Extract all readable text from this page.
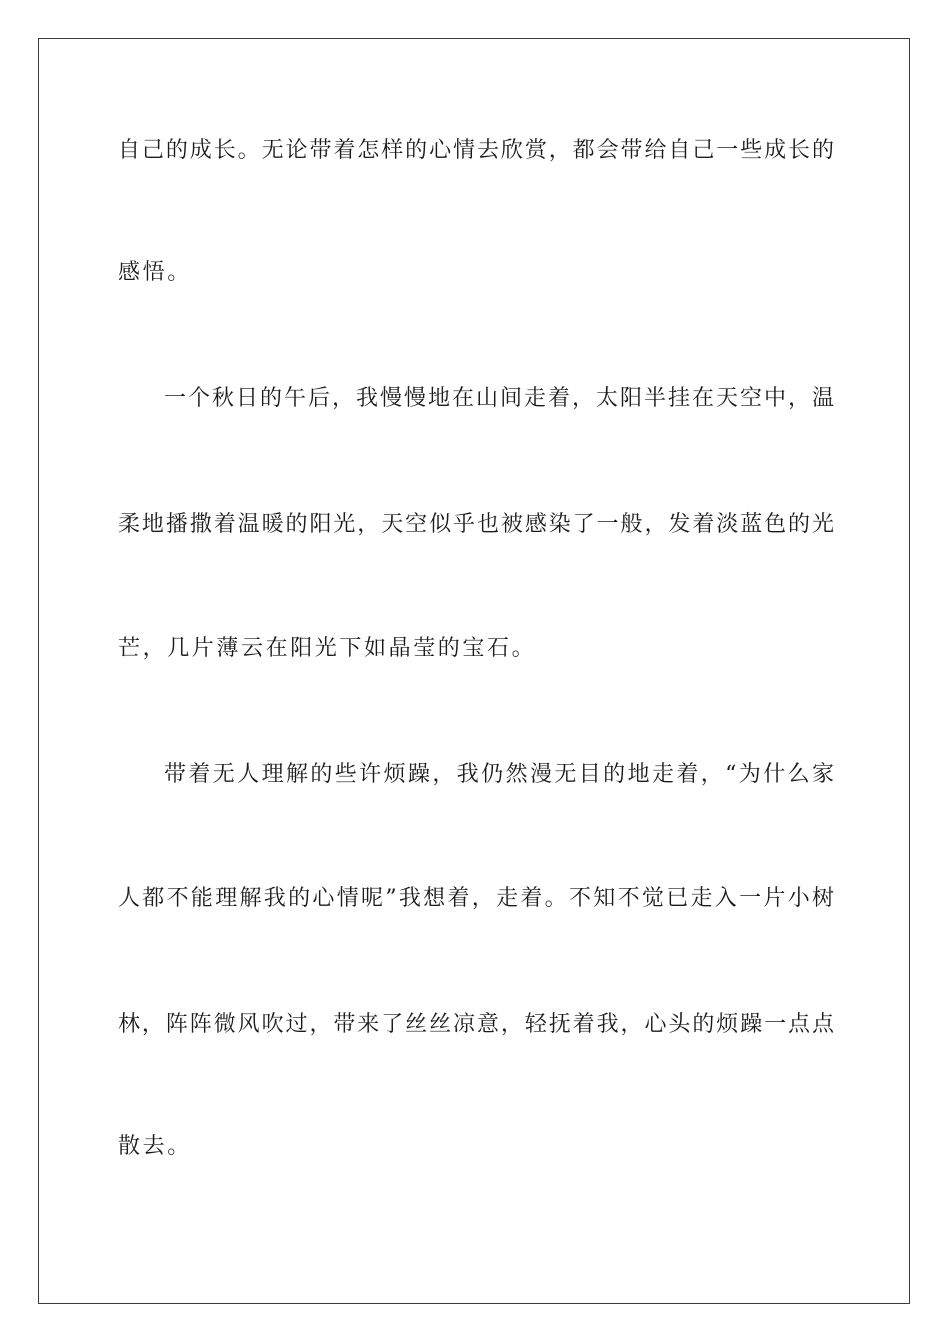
自己的成长。无论带着怎样的心情去欣赏，都会带给自己一些成长的
感悟。
一个秋日的午后，我慢慢地在山间走着，太阳半挂在天空中，温
柔地播撒着温暖的阳光，天空似乎也被感染了一般，发着淡蓝色的光
芒，几片薄云在阳光下如晶莹的宝石。
带着无人理解的些许烦躁，我仍然漫无目的地走着，“为什么家
人都不能理解我的心情呢”我想着，走着。不知不觉已走入一片小树
林，阵阵微风吹过，带来了丝丝凉意，轻抚着我，心头的烦躁一点点
散去。
